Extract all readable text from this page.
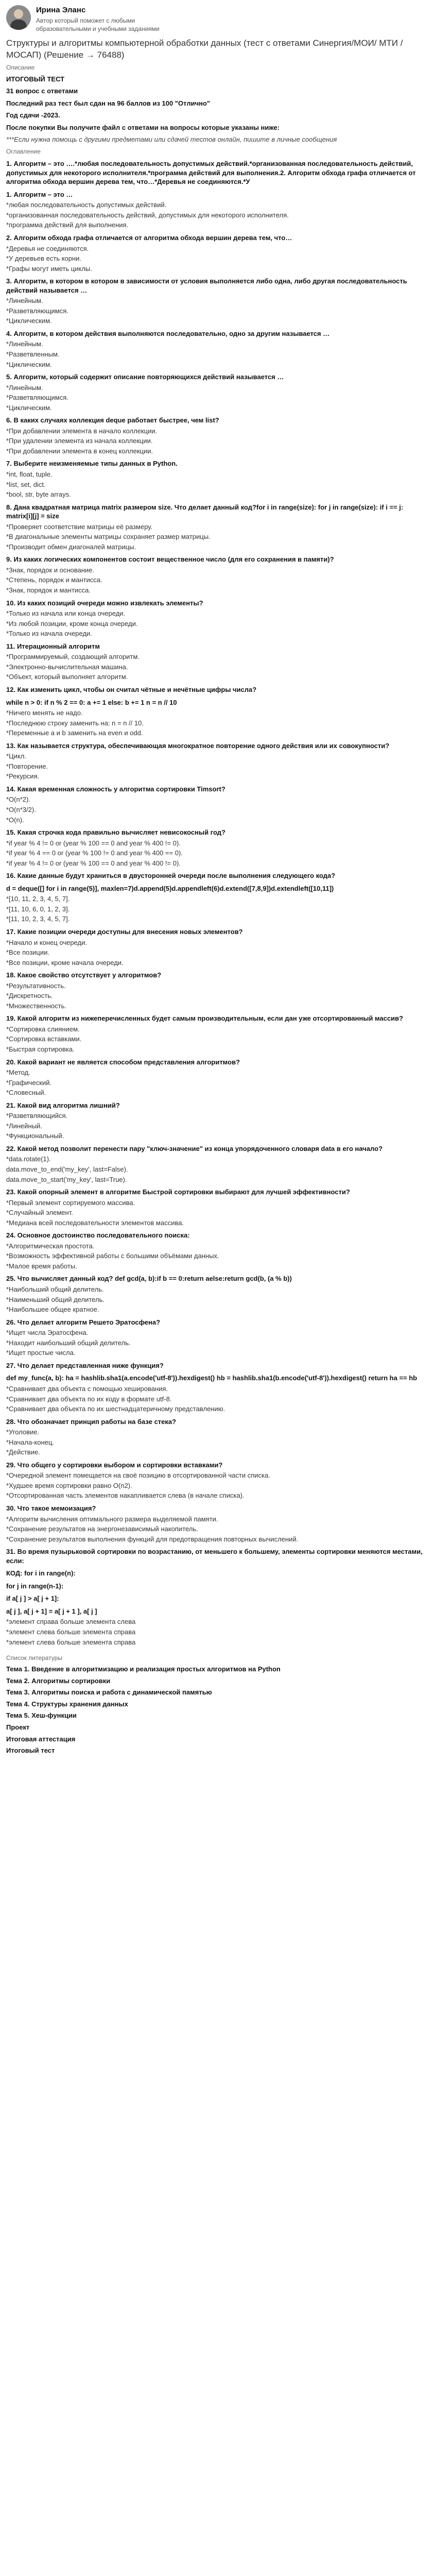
Ирина Эланс
Автор который поможет с любыми образовательными и учебными заданиями
Структуры и алгоритмы компьютерной обработки данных (тест с ответами Синергия/МОИ/ МТИ /МОСАП) (Решение → 76488)
Описание

ИТОГОВЫЙ ТЕСТ

31 вопрос с ответами

Последний раз тест был сдан на 96 баллов из 100 "Отлично"

Год сдачи -2023.

После покупки Вы получите файл с ответами на вопросы которые указаны ниже:

***Если нужна помощь с другими предметами или сдачей тестов онлайн, пишите в личные сообщения

Оглавление
1. Алгоритм – это ….*любая последовательность допустимых действий.*организованная последовательность действий, допустимых для некоторого исполнителя.*программа действий для выполнения.2. Алгоритм обхода графа отличается от алгоритма обхода вершин дерева тем, что…*Деревья не соединяются.*У
1. Алгоритм – это …
*любая последовательность допустимых действий.
*организованная последовательность действий, допустимых для некоторого исполнителя.
*программа действий для выполнения.
2. Алгоритм обхода графа отличается от алгоритма обхода вершин дерева тем, что…
*Деревья не соединяются.
*У деревьев есть корни.
*Графы могут иметь циклы.
3. Алгоритм, в котором в котором в зависимости от условия выполняется либо одна, либо другая последовательность действий называется …
*Линейным.
*Разветвляющимся.
*Циклическим.
4. Алгоритм, в котором действия выполняются последовательно, одно за другим называется …
*Линейным.
*Разветвленным.
*Циклическим.
5. Алгоритм, который содержит описание повторяющихся действий называется …
*Линейным.
*Разветвляющимся.
*Циклическим.
6. В каких случаях коллекция deque работает быстрее, чем list?
*При добавлении элемента в начало коллекции.
*При удалении элемента из начала коллекции.
*При добавлении элемента в конец коллекции.
7. Выберите неизменяемые типы данных в Python.
*int, float, tuple.
*list, set, dict.
*bool, str, byte arrays.
8. Дана квадратная матрица matrix размером size. Что делает данный код?for i in range(size): for j in range(size): if i == j: matrix[i][j] = size
*Проверяет соответствие матрицы её размеру.
*В диагональные элементы матрицы сохраняет размер матрицы.
*Производит обмен диагоналей матрицы.
9. Из каких логических компонентов состоит вещественное число (для его сохранения в памяти)?
*Знак, порядок и основание.
*Степень, порядок и мантисса.
*Знак, порядок и мантисса.
10. Из каких позиций очереди можно извлекать элементы?
*Только из начала или конца очереди.
*Из любой позиции, кроме конца очереди.
*Только из начала очереди.
11. Итерационный алгоритм
*Программируемый, создающий алгоритм.
*Электронно-вычислительная машина.
*Объект, который выполняет алгоритм.
12. Как изменить цикл, чтобы он считал чётные и нечётные цифры числа?
while n > 0: if n % 2 == 0: a += 1 else: b += 1 n = n // 10
*Ничего менять не надо.
*Последнюю строку заменить на: n = n // 10.
*Переменные a и b заменить на even и odd.
13. Как называется структура, обеспечивающая многократное повторение одного действия или их совокупности?
*Цикл.
*Повторение.
*Рекурсия.
14. Какая временная сложность у алгоритма сортировки Timsort?
*O(n*2).
*O(n*3/2).
*O(n).
15. Какая строчка кода правильно вычисляет невисокосный год?
*if year % 4 != 0 or (year % 100 == 0 and year % 400 != 0).
*if year % 4 == 0 or (year % 100 != 0 and year % 400 == 0).
*if year % 4 != 0 or (year % 100 == 0 and year % 400 != 0).
16. Какие данные будут храниться в двусторонней очереди после выполнения следующего кода?
d = deque([] for i in range(5)], maxlen=7)d.append(5)d.appendleft(6)d.extend([7,8,9])d.extendleft([10,11])
*[10, 11, 2, 3, 4, 5, 7].
*[11, 10, 6, 0, 1, 2, 3].
*[11, 10, 2, 3, 4, 5, 7].
17. Какие позиции очереди доступны для внесения новых элементов?
*Начало и конец очереди.
*Все позиции.
*Все позиции, кроме начала очереди.
18. Какое свойство отсутствует у алгоритмов?
*Результативность.
*Дискретность.
*Множественность.
19. Какой алгоритм из нижеперечисленных будет самым производительным, если дан уже отсортированный массив?
*Сортировка слиянием.
*Сортировка вставками.
*Быстрая сортировка.
20. Какой вариант не является способом представления алгоритмов?
*Метод.
*Графический.
*Словесный.
21. Какой вид алгоритма лишний?
*Разветвляющийся.
*Линейный.
*Функциональный.
22. Какой метод позволит перенести пару "ключ-значение" из конца упорядоченного словаря data в его начало?
*data.rotate(1).
data.move_to_end('my_key', last=False).
data.move_to_start('my_key', last=True).
23. Какой опорный элемент в алгоритме Быстрой сортировки выбирают для лучшей эффективности?
*Первый элемент сортируемого массива.
*Случайный элемент.
*Медиана всей последовательности элементов массива.
24. Основное достоинство последовательного поиска:
*Алгоритмическая простота.
*Возможность эффективной работы с большими объёмами данных.
*Малое время работы.
25. Что вычисляет данный код? def gcd(a, b):if b == 0:return aelse:return gcd(b, (a % b))
*Наибольший общий делитель.
*Наименьший общий делитель.
*Наибольшее общее кратное.
26. Что делает алгоритм Решето Эратосфена?
*Ищет числа Эратосфена.
*Находит наибольший общий делитель.
*Ищет простые числа.
27. Что делает представленная ниже функция?
def my_func(a, b): ha = hashlib.sha1(a.encode('utf-8')).hexdigest() hb = hashlib.sha1(b.encode('utf-8')).hexdigest() return ha == hb
*Сравнивает два объекта с помощью хеширования.
*Сравнивает два объекта по их коду в формате utf-8.
*Сравнивает два объекта по их шестнадцатеричному представлению.
28. Что обозначает принцип работы на базе стека?
*Уголовие.
*Начала-конец.
*Действие.
29. Что общего у сортировки выбором и сортировки вставками?
*Очередной элемент помещается на своё позицию в отсортированной части списка.
*Худшее время сортировки равно O(n2).
*Отсортированная часть элементов накапливается слева (в начале списка).
30. Что такое мемоизация?
*Алгоритм вычисления оптимального размера выделяемой памяти.
*Сохранение результатов на энергонезависимый накопитель.
*Сохранение результатов выполнения функций для предотвращения повторных вычислений.
31. Во время пузырьковой сортировки по возрастанию, от меньшего к большему, элементы сортировки меняются местами, если:
КОД: for i in range(n):
for j in range(n-1):
if a[ j ] > a[ j + 1]:
a[ j ], a[ j + 1] = a[ j + 1 ], a[ j ]
*элемент справа больше элемента слева
*элемент слева больше элемента справа
*элемент слева больше элемента справа
Список литературы
Тема 1. Введение в алгоритмизацию и реализация простых алгоритмов на Python
Тема 2. Алгоритмы сортировки
Тема 3. Алгоритмы поиска и работа с динамической памятью
Тема 4. Структуры хранения данных
Тема 5. Хеш-функции
Проект
Итоговая аттестация
Итоговый тест
